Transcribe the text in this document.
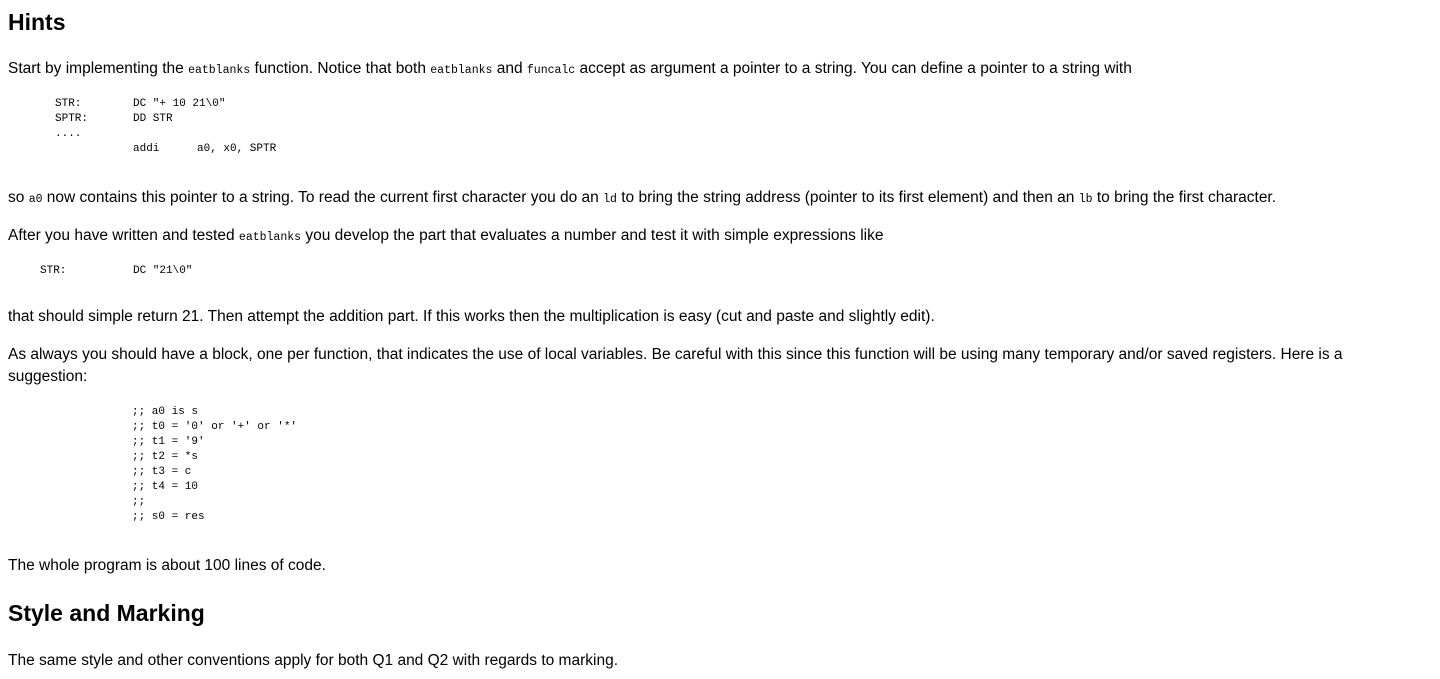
Hints

Start by implementing the eatblanks function. Notice that both eatblanks and funcalc accept as argument a pointer to a string. You can define a pointer to a string with

STR:	DC "+ 10 21\0"
SPTR:	DD STR
....
addi	a0, x0, SPTR

so a0 now contains this pointer to a string. To read the current first character you do an ld to bring the string address (pointer to its first element) and then an lb to bring the first character.

After you have written and tested eatblanks you develop the part that evaluates a number and test it with simple expressions like

STR:	DC "21\0"

that should simple return 21. Then attempt the addition part. If this works then the multiplication is easy (cut and paste and slightly edit).

As always you should have a block, one per function, that indicates the use of local variables. Be careful with this since this function will be using many temporary and/or saved registers. Here is a suggestion:

;; a0 is s
;; t0 = '0' or '+' or '*'
;; t1 = '9'
;; t2 = *s
;; t3 = c
;; t4 = 10
;;
;; s0 = res

The whole program is about 100 lines of code.

Style and Marking

The same style and other conventions apply for both Q1 and Q2 with regards to marking.
